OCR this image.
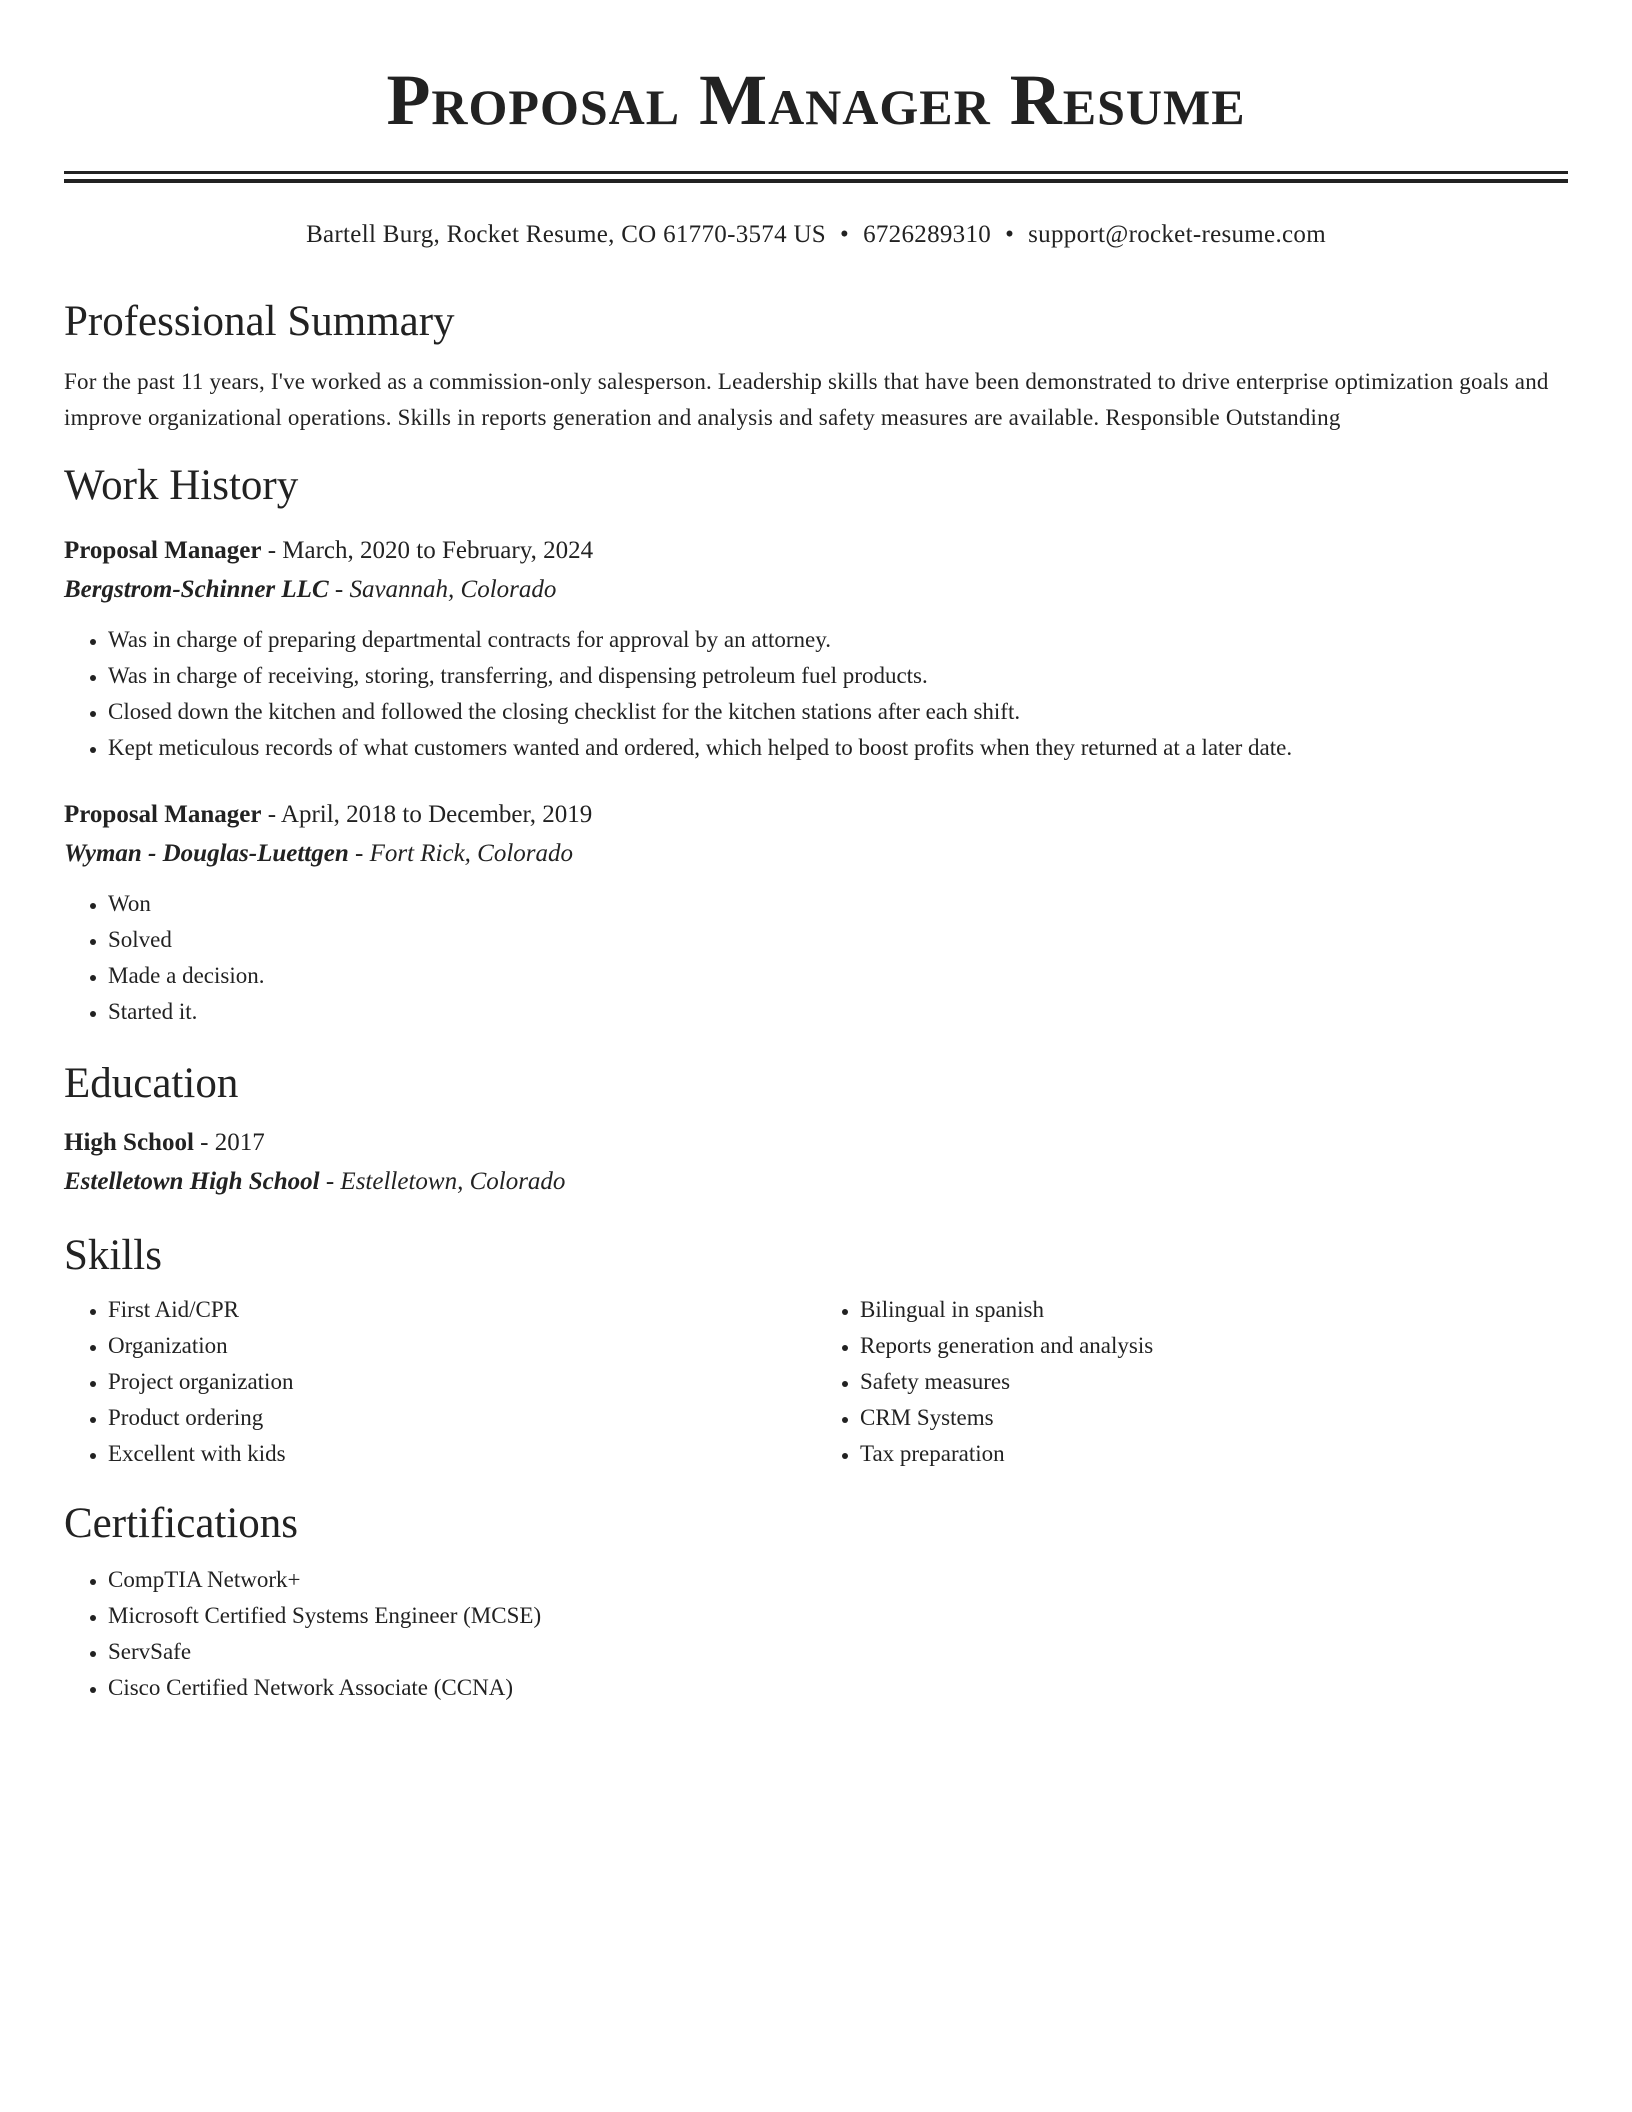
Proposal Manager Resume
Bartell Burg, Rocket Resume, CO 61770-3574 US • 6726289310 • support@rocket-resume.com
Professional Summary
For the past 11 years, I've worked as a commission-only salesperson. Leadership skills that have been demonstrated to drive enterprise optimization goals and improve organizational operations. Skills in reports generation and analysis and safety measures are available. Responsible Outstanding
Work History
Proposal Manager - March, 2020 to February, 2024
Bergstrom-Schinner LLC - Savannah, Colorado
• Was in charge of preparing departmental contracts for approval by an attorney.
• Was in charge of receiving, storing, transferring, and dispensing petroleum fuel products.
• Closed down the kitchen and followed the closing checklist for the kitchen stations after each shift.
• Kept meticulous records of what customers wanted and ordered, which helped to boost profits when they returned at a later date.
Proposal Manager - April, 2018 to December, 2019
Wyman - Douglas-Luettgen - Fort Rick, Colorado
• Won
• Solved
• Made a decision.
• Started it.
Education
High School - 2017
Estelletown High School - Estelletown, Colorado
Skills
• First Aid/CPR
• Organization
• Project organization
• Product ordering
• Excellent with kids
• Bilingual in spanish
• Reports generation and analysis
• Safety measures
• CRM Systems
• Tax preparation
Certifications
• CompTIA Network+
• Microsoft Certified Systems Engineer (MCSE)
• ServSafe
• Cisco Certified Network Associate (CCNA)
